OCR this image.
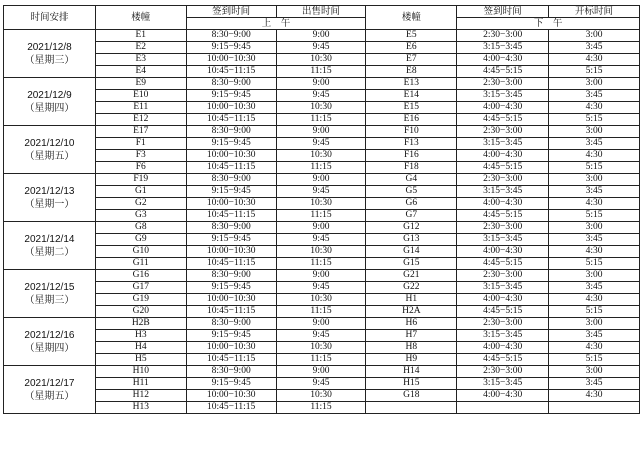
时间安排	楼幢	签到时间	出售时间	楼幢	签到时间	开标时间
		上　午			下　午	

2021/12/8
（星期三）	E1	8:30−9:00	9:00	E5	2:30−3:00	3:00
	E2	9:15−9:45	9:45	E6	3:15−3:45	3:45
	E3	10:00−10:30	10:30	E7	4:00−4:30	4:30
	E4	10:45−11:15	11:15	E8	4:45−5:15	5:15

2021/12/9
（星期四）	E9	8:30−9:00	9:00	E13	2:30−3:00	3:00
	E10	9:15−9:45	9:45	E14	3:15−3:45	3:45
	E11	10:00−10:30	10:30	E15	4:00−4:30	4:30
	E12	10:45−11:15	11:15	E16	4:45−5:15	5:15

2021/12/10
（星期五）	E17	8:30−9:00	9:00	F10	2:30−3:00	3:00
	F1	9:15−9:45	9:45	F13	3:15−3:45	3:45
	F3	10:00−10:30	10:30	F16	4:00−4:30	4:30
	F6	10:45−11:15	11:15	F18	4:45−5:15	5:15

2021/12/13
（星期一）	F19	8:30−9:00	9:00	G4	2:30−3:00	3:00
	G1	9:15−9:45	9:45	G5	3:15−3:45	3:45
	G2	10:00−10:30	10:30	G6	4:00−4:30	4:30
	G3	10:45−11:15	11:15	G7	4:45−5:15	5:15

2021/12/14
（星期二）	G8	8:30−9:00	9:00	G12	2:30−3:00	3:00
	G9	9:15−9:45	9:45	G13	3:15−3:45	3:45
	G10	10:00−10:30	10:30	G14	4:00−4:30	4:30
	G11	10:45−11:15	11:15	G15	4:45−5:15	5:15

2021/12/15
（星期三）	G16	8:30−9:00	9:00	G21	2:30−3:00	3:00
	G17	9:15−9:45	9:45	G22	3:15−3:45	3:45
	G19	10:00−10:30	10:30	H1	4:00−4:30	4:30
	G20	10:45−11:15	11:15	H2A	4:45−5:15	5:15

2021/12/16
（星期四）	H2B	8:30−9:00	9:00	H6	2:30−3:00	3:00
	H3	9:15−9:45	9:45	H7	3:15−3:45	3:45
	H4	10:00−10:30	10:30	H8	4:00−4:30	4:30
	H5	10:45−11:15	11:15	H9	4:45−5:15	5:15

2021/12/17
（星期五）	H10	8:30−9:00	9:00	H14	2:30−3:00	3:00
	H11	9:15−9:45	9:45	H15	3:15−3:45	3:45
	H12	10:00−10:30	10:30	G18	4:00−4:30	4:30
	H13	10:45−11:15	11:15			
